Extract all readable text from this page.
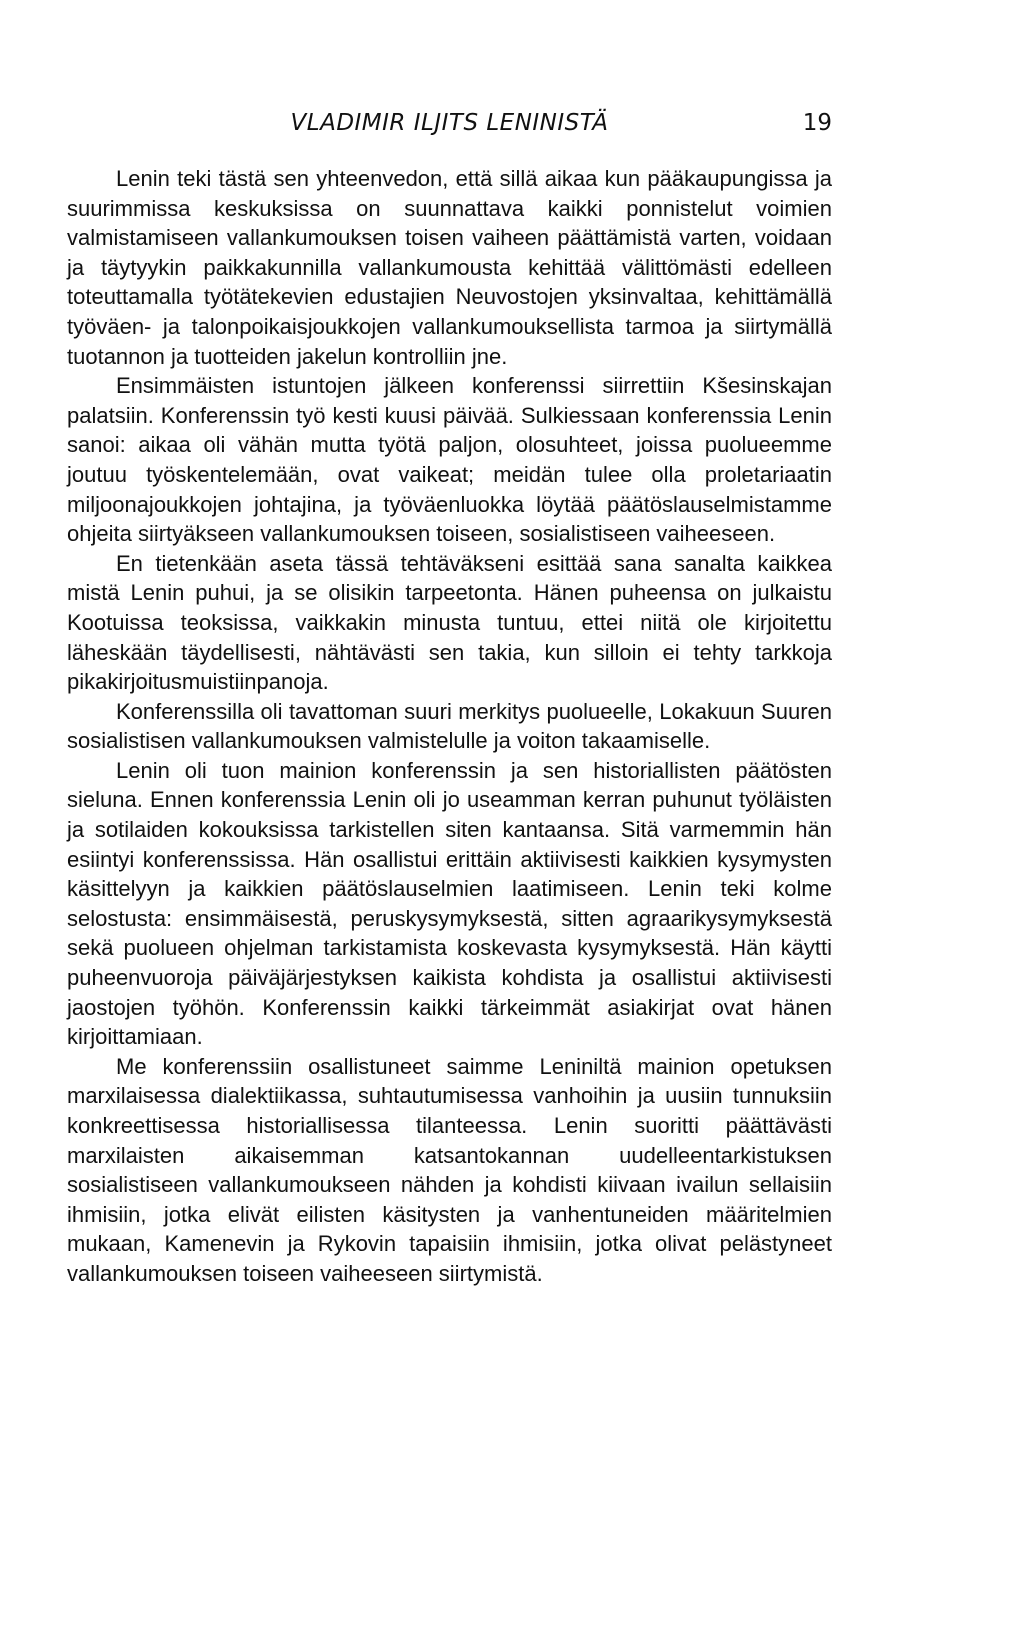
VLADIMIR ILJITS LENINISTÄ	19

Lenin teki tästä sen yhteenvedon, että sillä aikaa kun pääkaupungissa ja suurimmissa keskuksissa on suunnattava kaikki ponnistelut voimien valmistamiseen vallankumouksen toisen vaiheen päättämistä varten, voidaan ja täytyykin paikkakunnilla vallankumousta kehittää välittömästi edelleen toteuttamalla työtätekevien edustajien Neuvostojen yksinvaltaa, kehittämällä työväen- ja talonpoikaisjoukkojen vallankumouksellista tarmoa ja siirtymällä tuotannon ja tuotteiden jakelun kontrolliin jne.

Ensimmäisten istuntojen jälkeen konferenssi siirrettiin Kšesinskajan palatsiin. Konferenssin työ kesti kuusi päivää. Sulkiessaan konferenssia Lenin sanoi: aikaa oli vähän mutta työtä paljon, olosuhteet, joissa puolueemme joutuu työskentelemään, ovat vaikeat; meidän tulee olla proletariaatin miljoonajoukkojen johtajina, ja työväenluokka löytää päätöslauselmistamme ohjeita siirtyäkseen vallankumouksen toiseen, sosialistiseen vaiheeseen.

En tietenkään aseta tässä tehtäväkseni esittää sana sanalta kaikkea mistä Lenin puhui, ja se olisikin tarpeetonta. Hänen puheensa on julkaistu Kootuissa teoksissa, vaikkakin minusta tuntuu, ettei niitä ole kirjoitettu läheskään täydellisesti, nähtävästi sen takia, kun silloin ei tehty tarkkoja pikakirjoitusmuistiinpanoja.

Konferenssilla oli tavattoman suuri merkitys puolueelle, Lokakuun Suuren sosialistisen vallankumouksen valmistelulle ja voiton takaamiselle.

Lenin oli tuon mainion konferenssin ja sen historiallisten päätösten sieluna. Ennen konferenssia Lenin oli jo useamman kerran puhunut työläisten ja sotilaiden kokouksissa tarkistellen siten kantaansa. Sitä varmemmin hän esiintyi konferenssissa. Hän osallistui erittäin aktiivisesti kaikkien kysymysten käsittelyyn ja kaikkien päätöslauselmien laatimiseen. Lenin teki kolme selostusta: ensimmäisestä, peruskysymyksestä, sitten agraarikysymyksestä sekä puolueen ohjelman tarkistamista koskevasta kysymyksestä. Hän käytti puheenvuoroja päiväjärjestyksen kaikista kohdista ja osallistui aktiivisesti jaostojen työhön. Konferenssin kaikki tärkeimmät asiakirjat ovat hänen kirjoittamiaan.

Me konferenssiin osallistuneet saimme Leniniltä mainion opetuksen marxilaisessa dialektiikassa, suhtautumisessa vanhoihin ja uusiin tunnuksiin konkreettisessa historiallisessa tilanteessa. Lenin suoritti päättävästi marxilaisten aikaisemman katsantokannan uudelleentarkistuksen sosialistiseen vallankumoukseen nähden ja kohdisti kiivaan ivailun sellaisiin ihmisiin, jotka elivät eilisten käsitysten ja vanhentuneiden määritelmien mukaan, Kamenevin ja Rykovin tapaisiin ihmisiin, jotka olivat pelästyneet vallankumouksen toiseen vaiheeseen siirtymistä.
